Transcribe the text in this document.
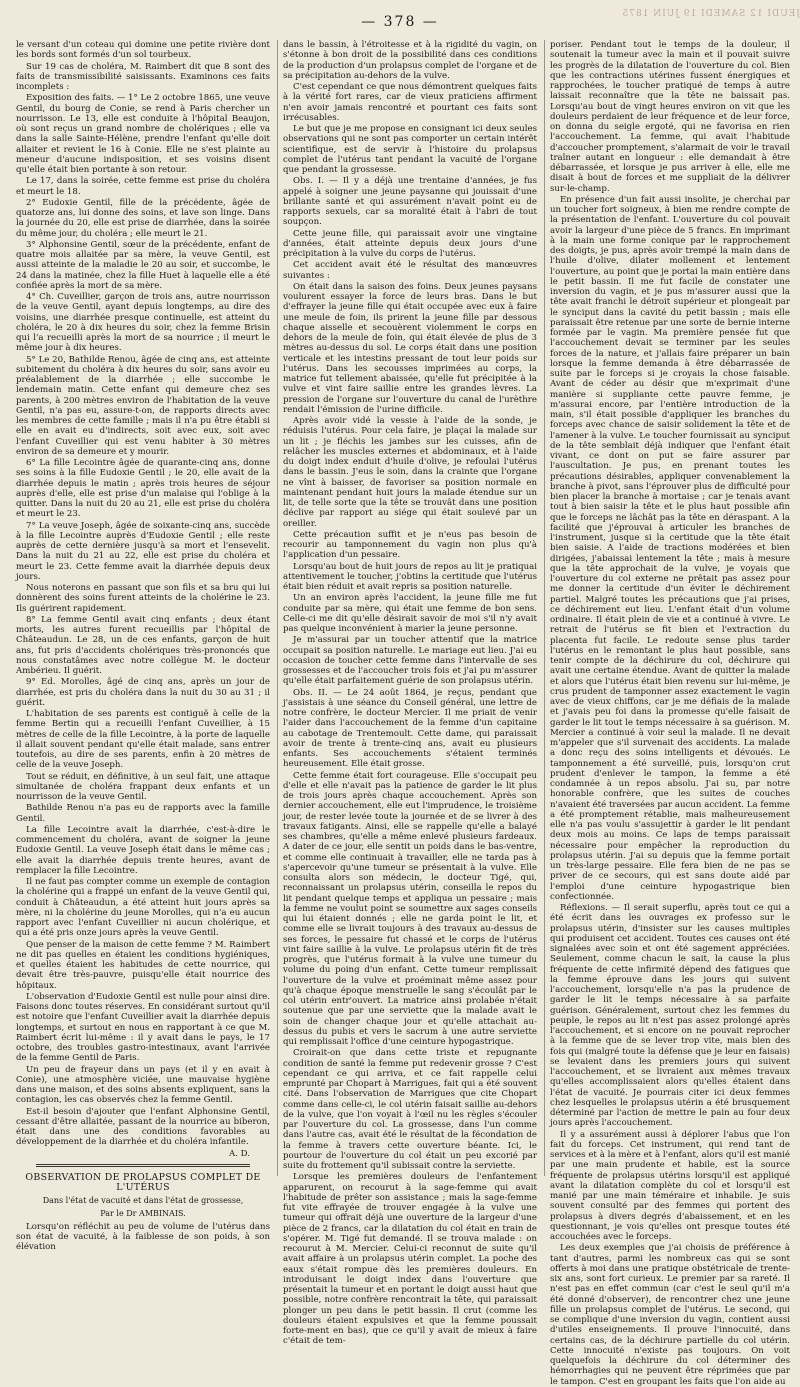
JEUDI 12 SAMEDI 19 JUIN 1875
— 378 —

le versant d'un coteau qui domine une petite rivière dont les bords sont formés d'un sol tourbeux.

Sur 19 cas de choléra, M. Raimbert dit que 8 sont des faits de transmissibilité saisissants. Examinons ces faits incomplets :

Exposition des faits. — 1° Le 2 octobre 1865, une veuve Gentil, du bourg de Conie, se rend à Paris chercher un nourrisson. Le 13, elle est conduite à l'hôpital Beaujon, où sont reçus un grand nombre de cholériques ; elle va dans la salle Sainte-Hélène, prendre l'enfant qu'elle doit allaiter et revient le 16 à Conie. Elle ne s'est plainte au meneur d'aucune indisposition, et ses voisins disent qu'elle était bien portante à son retour.

Le 17, dans la soirée, cette femme est prise du choléra et meurt le 18.

2° Eudoxie Gentil, fille de la précédente, âgée de quatorze ans, lui donne des soins, et lave son linge. Dans la journée du 20, elle est prise de diarrhée, dans la soirée du même jour, du choléra ; elle meurt le 21.

3° Alphonsine Gentil, sœur de la précédente, enfant de quatre mois allaitée par sa mère, la veuve Gentil, est aussi atteinte de la maladie le 20 au soir, et succombe, le 24 dans la matinée, chez la fille Huet à laquelle elle a été confiée après la mort de sa mère.

4° Ch. Cuveillier, garçon de trois ans, autre nourrisson de la veuve Gentil, ayant depuis longtemps, au dire des voisins, une diarrhée presque continuelle, est atteint du choléra, le 20 à dix heures du soir, chez la femme Brisin qui l'a recueilli après la mort de sa nourrice ; il meurt le même jour à dix heures.

5° Le 20, Bathilde Renou, âgée de cinq ans, est atteinte subitement du choléra à dix heures du soir, sans avoir eu préalablement de la diarrhée ; elle succombe le lendemain matin. Cette enfant qui demeure chez ses parents, à 200 mètres environ de l'habitation de la veuve Gentil, n'a pas eu, assure-t-on, de rapports directs avec les membres de cette famille ; mais il n'a pu être établi si elle en avait eu d'indirects, soit avec eux, soit avec l'enfant Cuveillier qui est venu habiter à 30 mètres environ de sa demeure et y mourir.

6° La fille Lecointre âgée de quarante-cinq ans, donne ses soins à la fille Eudoxie Gentil ; le 20, elle avait de la diarrhée depuis le matin ; après trois heures de séjour auprès d'elle, elle est prise d'un malaise qui l'oblige à la quitter. Dans la nuit du 20 au 21, elle est prise du choléra et meurt le 23.

7° La veuve Joseph, âgée de soixante-cinq ans, succède à la fille Lecointre auprès d'Eudoxie Gentil ; elle reste auprès de cette dernière jusqu'à sa mort et l'ensevelit. Dans la nuit du 21 au 22, elle est prise du choléra et meurt le 23. Cette femme avait la diarrhée depuis deux jours.

Nous noterons en passant que son fils et sa bru qui lui donnèrent des soins furent atteints de la cholérine le 23. Ils guérirent rapidement.

8° La femme Gentil avait cinq enfants ; deux étant morts, les autres furent recueillis par l'hôpital de Châteaudun. Le 28, un de ces enfants, garçon de huit ans, fut pris d'accidents cholériques très-prononcés que nous constatâmes avec notre collègue M. le docteur Ambérieu. Il guérit.

9° Ed. Morolles, âgé de cinq ans, après un jour de diarrhée, est pris du choléra dans la nuit du 30 au 31 ; il guérit.

L'habitation de ses parents est contiguë à celle de la femme Bertin qui a recueilli l'enfant Cuveillier, à 15 mètres de celle de la fille Lecointre, à la porte de laquelle il allait souvent pendant qu'elle était malade, sans entrer toutefois, au dire de ses parents, enfin à 20 mètres de celle de la veuve Joseph.

Tout se réduit, en définitive, à un seul fait, une attaque simultanée de choléra frappant deux enfants et un nourrisson de la veuve Gentil.

Bathilde Renou n'a pas eu de rapports avec la famille Gentil.

La fille Lecointre avait la diarrhée, c'est-à-dire le commencement du choléra, avant de soigner la jeune Eudoxie Gentil. La veuve Joseph était dans le même cas ; elle avait la diarrhée depuis trente heures, avant de remplacer la fille Lecointre.

Il ne faut pas compter comme un exemple de contagion la cholérine qui a frappé un enfant de la veuve Gentil qui, conduit à Châteaudun, a été atteint huit jours après sa mère, ni la cholérine du jeune Morolles, qui n'a eu aucun rapport avec l'enfant Cuveillier ni aucun cholérique, et qui a été pris onze jours après la veuve Gentil.

Que penser de la maison de cette femme ? M. Raimbert ne dit pas quelles en étaient les conditions hygiéniques, et quelles étaient les habitudes de cette nourrice, qui devait être très-pauvre, puisqu'elle était nourrice des hôpitaux.

L'observation d'Eudoxie Gentil est nulle pour ainsi dire. Faisons donc toutes réserves. En considérant surtout qu'il est notoire que l'enfant Cuveillier avait la diarrhée depuis longtemps, et surtout en nous en rapportant à ce que M. Raimbert écrit lui-même : il y avait dans le pays, le 17 octobre, des troubles gastro-intestinaux, avant l'arrivée de la femme Gentil de Paris.

Un peu de frayeur dans un pays (et il y en avait à Conie), une atmosphère viciée, une mauvaise hygiène dans une maison, et des soins absents expliquent, sans la contagion, les cas observés chez la femme Gentil.

Est-il besoin d'ajouter que l'enfant Alphonsine Gentil, cessant d'être allaitée, passant de la nourrice au biberon, était dans une des conditions favorables au développement de la diarrhée et du choléra infantile.

A. D.
OBSERVATION DE PROLAPSUS COMPLET DE L'UTÉRUS
Dans l'état de vacuité et dans l'état de grossesse,
Par le Dr AMBINAIS.

Lorsqu'on réfléchit au peu de volume de l'utérus dans son état de vacuité, à la faiblesse de son poids, à son élévation

dans le bassin, à l'étroitesse et à la rigidité du vagin, on s'étonne à bon droit de la possibilité dans ces conditions de la production d'un prolapsus complet de l'organe et de sa précipitation au-dehors de la vulve.

C'est cependant ce que nous démontrent quelques faits à la vérité fort rares, car de vieux praticiens affirment n'en avoir jamais rencontré et pourtant ces faits sont irrécusables.

Le but que je me propose en consignant ici deux seules observations qui ne sont pas comporter un certain intérêt scientifique, est de servir à l'histoire du prolapsus complet de l'utérus tant pendant la vacuité de l'organe que pendant la grossesse.

Obs. I. — Il y a déjà une trentaine d'années, je fus appelé à soigner une jeune paysanne qui jouissait d'une brillante santé et qui assurément n'avait point eu de rapports sexuels, car sa moralité était à l'abri de tout soupçon.

Cette jeune fille, qui paraissait avoir une vingtaine d'années, était atteinte depuis deux jours d'une précipitation à la vulve du corps de l'utérus.

Cet accident avait été le résultat des manœuvres suivantes :

On était dans la saison des foins. Deux jeunes paysans voulurent essayer la force de leurs bras. Dans le but d'effrayer la jeune fille qui était occupée avec eux à faire une meule de foin, ils prirent la jeune fille par dessous chaque aisselle et secouèrent violemment le corps en dehors de la meule de foin, qui était élevée de plus de 3 mètres au-dessus du sol. Le corps était dans une position verticale et les intestins pressant de tout leur poids sur l'utérus. Dans les secousses imprimées au corps, la matrice fut tellement abaissée, qu'elle fut précipitée à la vulve et vint faire saillie entre les grandes lèvres. La pression de l'organe sur l'ouverture du canal de l'urèthre rendait l'émission de l'urine difficile.

Après avoir vidé la vessie à l'aide de la sonde, je réduisis l'utérus. Pour cela faire, je plaçai la malade sur un lit ; je fléchis les jambes sur les cuisses, afin de relâcher les muscles externes et abdominaux, et à l'aide du doigt index enduit d'huile d'olive, je refoulai l'utérus dans le bassin. J'eus le soin, dans la crainte que l'organe ne vînt à baisser, de favoriser sa position normale en maintenant pendant huit jours la malade étendue sur un lit, de telle sorte que la tête se trouvât dans une position déclive par rapport au siége qui était soulevé par un oreiller.

Cette précaution suffit et je n'eus pas besoin de recourir au tamponnement du vagin non plus qu'à l'application d'un pessaire.

Lorsqu'au bout de huit jours de repos au lit je pratiquai attentivement le toucher, j'obtins la certitude que l'utérus était bien réduit et avait repris sa position naturelle.

Un an environ après l'accident, la jeune fille me fut conduite par sa mère, qui était une femme de bon sens. Celle-ci me dit qu'elle désirait savoir de moi s'il n'y avait pas quelque inconvénient à marier la jeune personne.

Je m'assurai par un toucher attentif que la matrice occupait sa position naturelle. Le mariage eut lieu. J'ai eu occasion de toucher cette femme dans l'intervalle de ses grossesses et de l'accoucher trois fois et j'ai pu m'assurer qu'elle était parfaitement guérie de son prolapsus utérin.

Obs. II. — Le 24 août 1864, je reçus, pendant que j'assistais à une séance du Conseil général, une lettre de notre confrère, le docteur Mercier. Il me priait de venir l'aider dans l'accouchement de la femme d'un capitaine au cabotage de Trentemoult. Cette dame, qui paraissait avoir de trente à trente-cinq ans, avait eu plusieurs enfants. Ses accouchements s'étaient terminés heureusement. Elle était grosse.

Cette femme était fort courageuse. Elle s'occupait peu d'elle et elle n'avait pas la patience de garder le lit plus de trois jours après chaque accouchement. Après son dernier accouchement, elle eut l'imprudence, le troisième jour, de rester levée toute la journée et de se livrer à des travaux fatigants. Ainsi, elle se rappelle qu'elle a balayé ses chambres, qu'elle a même enlevé plusieurs fardeaux. A dater de ce jour, elle sentit un poids dans le bas-ventre, et comme elle continuait à travailler, elle ne tarda pas à s'apercevoir qu'une tumeur se présentait à la vulve. Elle consulta alors son médecin, le docteur Tigé, qui, reconnaissant un prolapsus utérin, conseilla le repos du lit pendant quelque temps et appliqua un pessaire ; mais la femme ne voulut point se soumettre aux sages conseils qui lui étaient donnés ; elle ne garda point le lit, et comme elle se livrait toujours à des travaux au-dessus de ses forces, le pessaire fut chassé et le corps de l'utérus vint faire saillie à la vulve. Le prolapsus utérin fit de très progrès, que l'utérus formait à la vulve une tumeur du volume du poing d'un enfant. Cette tumeur remplissait l'ouverture de la vulve et proéminait même assez pour qu'à chaque époque menstruelle le sang s'écoulât par le col utérin entr'ouvert. La matrice ainsi prolabée n'était soutenue que par une serviette que la malade avait le soin de changer chaque jour et qu'elle attachait au-dessus du pubis et vers le sacrum à une autre serviette qui remplissait l'office d'une ceinture hypogastrique.

Croirait-on que dans cette triste et repugnante condition de santé la femme put redevenir grosse ? C'est cependant ce qui arriva, et ce fait rappelle celui emprunté par Chopart à Marrigues, fait qui a été souvent cité. Dans l'observation de Marrigues que cite Chopart comme dans celle-ci, le col utérin faisait saillie au-dehors de la vulve, que l'on voyait à l'œil nu les règles s'écouler par l'ouverture du col. La grossesse, dans l'un comme dans l'autre cas, avait été le résultat de la fécondation de la femme à travers cette ouverture béante. Ici, le pourtour de l'ouverture du col était un peu excorié par suite du frottement qu'il subissait contre la serviette.

Lorsque les premières douleurs de l'enfantement apparurent, on recourut à la sage-femme qui avait l'habitude de prêter son assistance ; mais la sage-femme fut vite effrayée de trouver engagée à la vulve une tumeur qui offrait déjà une ouverture de la largeur d'une pièce de 2 francs, car la dilatation du col était en train de s'opérer. M. Tigé fut demandé. Il se trouva malade : on recourut à M. Mercier. Celui-ci reconnut de suite qu'il avait affaire à un prolapsus utérin complet. La poche des eaux s'était rompue dès les premières douleurs. En introduisant le doigt index dans l'ouverture que présentait la tumeur et en portant le doigt aussi haut que possible, notre confrère rencontrait la tête, qui paraissait plonger un peu dans le petit bassin. Il crut (comme les douleurs étaient expulsives et que la femme poussait forte-ment en bas), que ce qu'il y avait de mieux à faire c'était de tem-

poriser. Pendant tout le temps de la douleur, il soutenait la tumeur avec la main et il pouvait suivre les progrès de la dilatation de l'ouverture du col. Bien que les contractions utérines fussent énergiques et rapprochées, le toucher pratiqué de temps à autre laissait reconnaître que la tête ne baissait pas. Lorsqu'au bout de vingt heures environ on vit que les douleurs perdaient de leur fréquence et de leur force, on donna du seigle ergoté, qui ne favorisa en rien l'accouchement. La femme, qui avait l'habitude d'accoucher promptement, s'alarmait de voir le travail traîner autant en longueur : elle demandait à être débarrassée, et lorsque je pus arriver à elle, elle me disait à bout de forces et me suppliait de la délivrer sur-le-champ.

En présence d'un fait aussi insolite, je cherchai par un toucher fort soigneux, à bien me rendre compte de la présentation de l'enfant. L'ouverture du col pouvait avoir la largeur d'une pièce de 5 francs. En imprimant à la main une forme conique par le rapprochement des doigts, je pus, après avoir trempé la main dans de l'huile d'olive, dilater mollement et lentement l'ouverture, au point que je portai la main entière dans le petit bassin. Il me fut facile de constater une inversion du vagin, et je pus m'assurer aussi que la tête avait franchi le détroit supérieur et plongeait par le synciput dans la cavité du petit bassin ; mais elle paraissait être retenue par une sorte de bernie interne formée par le vagin. Ma première pensée fut que l'accouchement devait se terminer par les seules forces de la nature, et j'allais faire préparer un bain lorsque la femme demanda à être débarrassée de suite par le forceps si je croyais la chose faisable. Avant de céder au désir que m'exprimait d'une manière si suppliante cette pauvre femme, je m'assurai encore, par l'entière introduction de la main, s'il était possible d'appliquer les branches du forceps avec chance de saisir solidement la tête et de l'amener à la vulve. Le toucher fournissait au synciput de la tête semblait déjà indiquer que l'enfant était vivant, ce dont on put se faire assurer par l'auscultation. Je pus, en prenant toutes les précautions désirables, appliquer convenablement la branche à pivot, sans l'éprouver plus de difficulté pour bien placer la branche à mortaise ; car je tenais avant tout à bien saisir la tête et le plus haut possible afin que le forceps ne lâchât pas la tête en déraspant. A la facilité que j'éprouvai à articuler les branches de l'instrument, jusque si la certitude que la tête était bien saisie. A l'aide de tractions modérées et bien dirigées, j'abaissai lentement la tête ; mais à mesure que la tête approchait de la vulve, je voyais que l'ouverture du col externe ne prêtait pas assez pour me donner la certitude d'un éviter le déchirement partiel. Malgré toutes les précautions que j'ai prises, ce déchirement eut lieu. L'enfant était d'un volume ordinaire. Il était plein de vie et a continué à vivre. Le retrait de l'utérus se fit bien et l'extraction du placenta fut facile. Le redoute sense plus tarder l'utérus en le remontant le plus haut possible, sans tenir compte de la déchirure du col, déchirure qui avait une certaine étendue. Avant de quitter la malade et alors que l'utérus était bien revenu sur lui-même, je crus prudent de tamponner assez exactement le vagin avec de vieux chiffons, car je me défiais de la malade et j'avais peu foi dans la promesse qu'elle faisait de garder le lit tout le temps nécessaire à sa guérison. M. Mercier a continué à voir seul la malade. Il ne devait m'appeler que s'il survenait des accidents. La malade a donc reçu des soins intelligents et dévoués. Le tamponnement a été surveillé, puis, lorsqu'on crut prudent d'enlever le tampon, la femme a été condamnée à un repos absolu. J'ai su, par notre honorable confrère, que les suites de couches n'avaient été traversées par aucun accident. La femme a été promptement rétablie, mais malheureusement elle n'a pas voulu s'assujettir à garder le lit pendant deux mois au moins. Ce laps de temps paraissait nécessaire pour empêcher la reproduction du prolapsus utérin. J'ai su depuis que la femme portait un très-large pessaire. Elle fera bien de ne pas se priver de ce secours, qui est sans doute aidé par l'emploi d'une ceinture hypogastrique bien confectionnée.

Réflexions. — Il serait superflu, après tout ce qui a été écrit dans les ouvrages ex professo sur le prolapsus utérin, d'insister sur les causes multiples qui produisent cet accident. Toutes ces causes ont été signalées avec soin et ont été sagement appréciées. Seulement, comme chacun le sait, la cause la plus fréquente de cette infirmité dépend des fatigues que la femme éprouve dans les jours qui suivent l'accouchement, lorsqu'elle n'a pas la prudence de garder le lit le temps nécessaire à sa parfaite guérison. Généralement, surtout chez les femmes du peuple, le repos au lit n'est pas assez prolongé après l'accouchement, et si encore on ne pouvait reprocher à la femme que de se lever trop vite, mais bien des fois qui (malgré toute la défense que je leur en faisais) se levaient dans les premiers jours qui suivent l'accouchement, et se livraient aux mêmes travaux qu'elles accomplissaient alors qu'elles étaient dans l'état de vacuité. Je pourrais citer ici deux femmes chez lesquelles le prolapsus utérin a été brusquement déterminé par l'action de mettre le pain au four deux jours après l'accouchement.

Il y a assurément aussi à déplorer l'abus que l'on fait du forceps. Cet instrument, qui rend tant de services et à la mère et à l'enfant, alors qu'il est manié par une main prudente et habile, est la source fréquente de prolapsus utérins lorsqu'il est appliqué avant la dilatation complète du col et lorsqu'il est manié par une main téméraire et inhabile. Je suis souvent consulté par des femmes qui portent des prolapsus à divers degrés d'abaissement, et en les questionnant, je vois qu'elles ont presque toutes été accouchées avec le forceps.

Les deux exemples que j'ai choisis de préférence à tant d'autres, parmi les nombreux cas qui se sont offerts à moi dans une pratique obstétricale de trente-six ans, sont fort curieux. Le premier par sa rareté. Il n'est pas en effet commun (car c'est le seul qu'il m'a été donné d'observer), de rencontrer chez une jeune fille un prolapsus complet de l'utérus. Le second, qui se complique d'une inversion du vagin, contient aussi d'utiles enseignements. Il prouve l'innocuité, dans certains cas, de la déchirure partielle du col utérin. Cette innocuité n'existe pas toujours. On voit quelquefois la déchirure du col déterminer des hémorrhagies qui ne peuvent être réprimées que par le tampon. C'est en groupant les faits que l'on aide au
